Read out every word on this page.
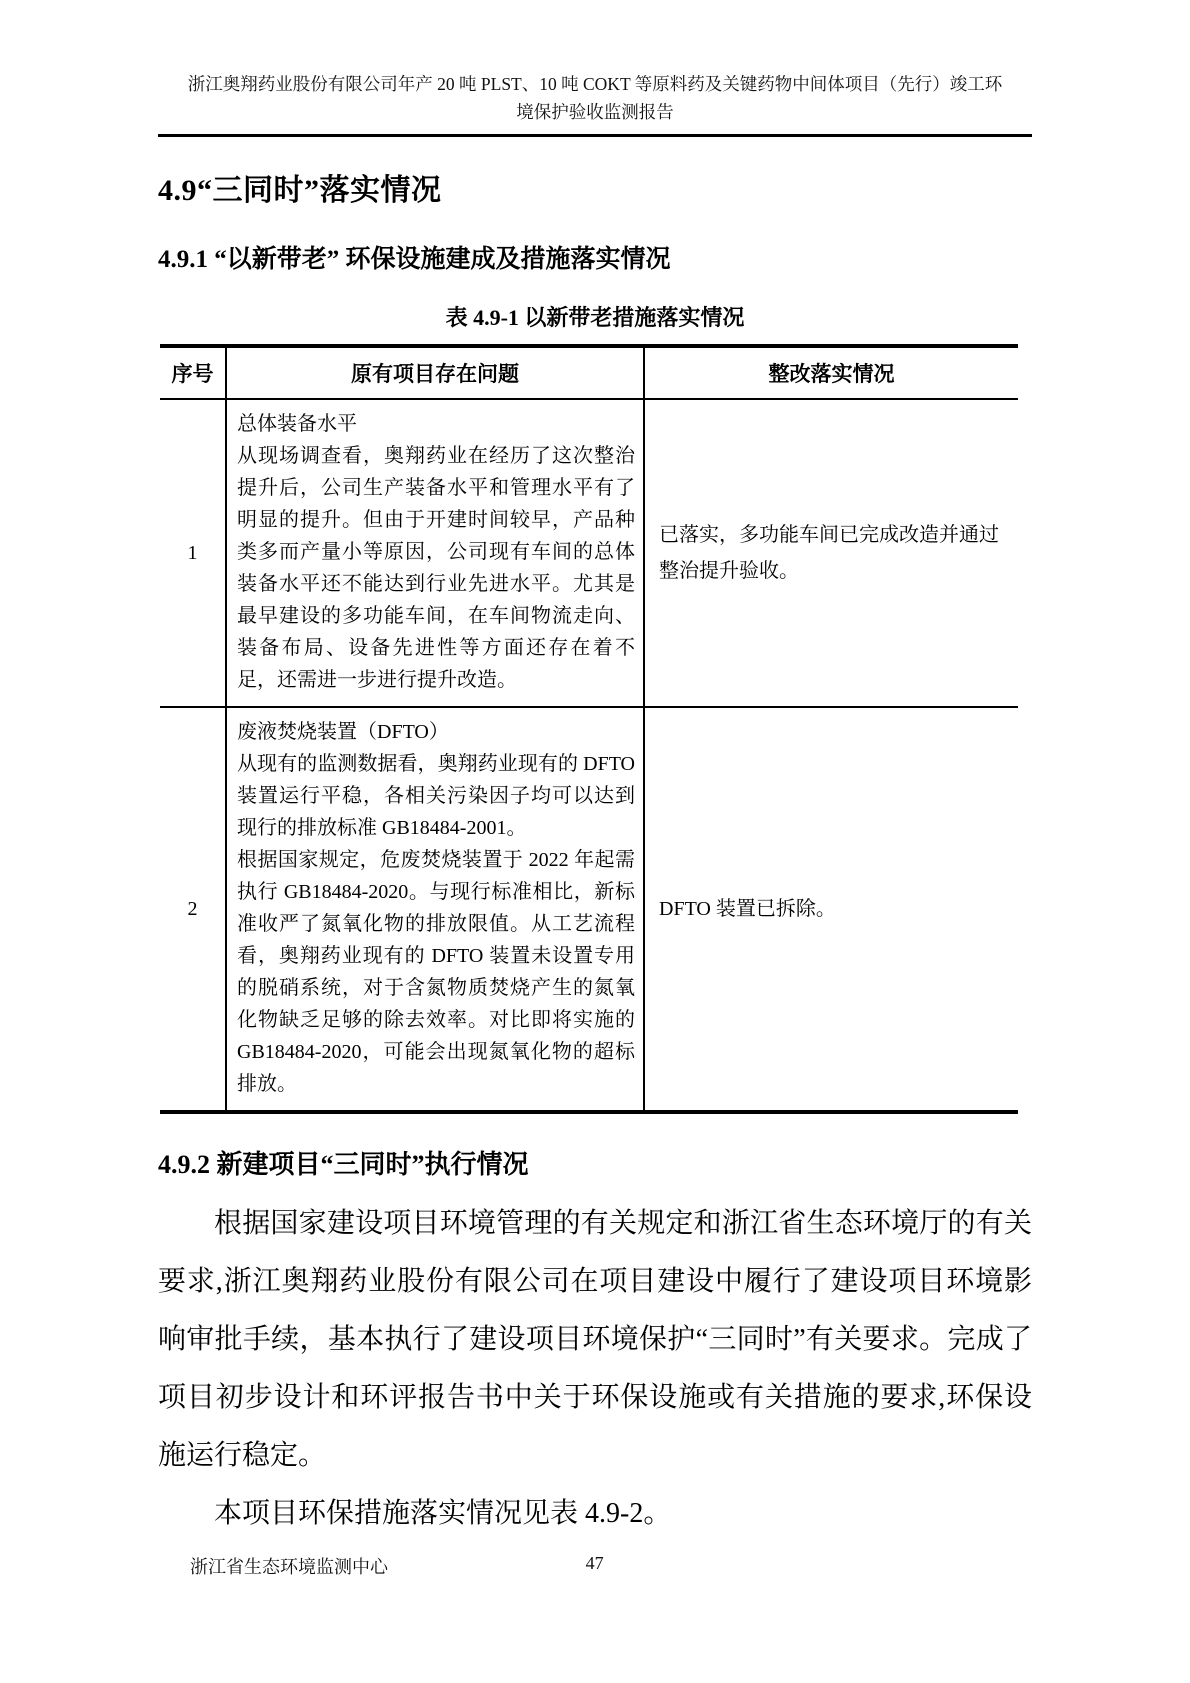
浙江奥翔药业股份有限公司年产 20 吨 PLST、10 吨 COKT 等原料药及关键药物中间体项目（先行）竣工环
境保护验收监测报告
4.9“三同时”落实情况
4.9.1 “以新带老” 环保设施建成及措施落实情况
表 4.9-1 以新带老措施落实情况
序号	原有项目存在问题	整改落实情况
1	总体装备水平
从现场调查看，奥翔药业在经历了这次整治提升后，公司生产装备水平和管理水平有了明显的提升。但由于开建时间较早，产品种类多而产量小等原因，公司现有车间的总体装备水平还不能达到行业先进水平。尤其是最早建设的多功能车间，在车间物流走向、装备布局、设备先进性等方面还存在着不足，还需进一步进行提升改造。	已落实，多功能车间已完成改造并通过整治提升验收。
2	废液焚烧装置（DFTO）
从现有的监测数据看，奥翔药业现有的 DFTO 装置运行平稳，各相关污染因子均可以达到现行的排放标准 GB18484-2001。
根据国家规定，危废焚烧装置于 2022 年起需执行 GB18484-2020。与现行标准相比，新标准收严了氮氧化物的排放限值。从工艺流程看，奥翔药业现有的 DFTO 装置未设置专用的脱硝系统，对于含氮物质焚烧产生的氮氧化物缺乏足够的除去效率。对比即将实施的 GB18484-2020，可能会出现氮氧化物的超标排放。	DFTO 装置已拆除。
4.9.2 新建项目“三同时”执行情况

根据国家建设项目环境管理的有关规定和浙江省生态环境厅的有关要求,浙江奥翔药业股份有限公司在项目建设中履行了建设项目环境影响审批手续，基本执行了建设项目环境保护“三同时”有关要求。完成了项目初步设计和环评报告书中关于环保设施或有关措施的要求,环保设施运行稳定。

本项目环保措施落实情况见表 4.9-2。

浙江省生态环境监测中心	47
